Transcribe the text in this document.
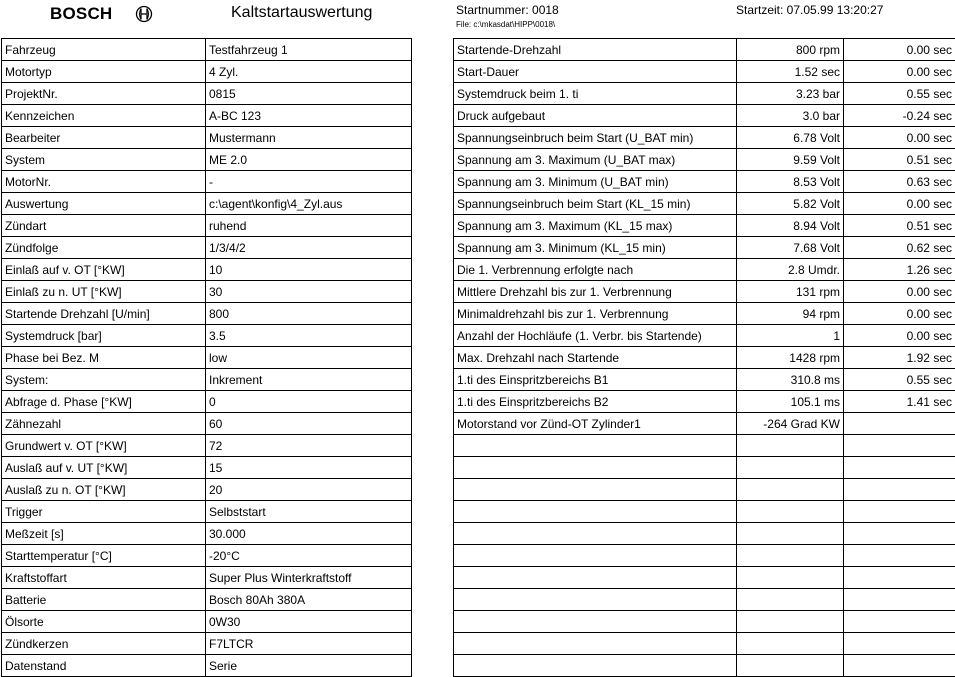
BOSCH	Kaltstartauswertung	Startnummer: 0018
File: c:\mkasdat\HIPP\0018\
Startzeit: 07.05.99 13:20:27
Fahrzeug	Testfahrzeug 1
Motortyp	4 Zyl.
ProjektNr.	0815
Kennzeichen	A-BC 123
Bearbeiter	Mustermann
System	ME 2.0
MotorNr.	-
Auswertung	c:\agent\konfig\4_Zyl.aus
Zündart	ruhend
Zündfolge	1/3/4/2
Einlaß auf v. OT [°KW]	10
Einlaß zu n. UT [°KW]	30
Startende Drehzahl [U/min]	800
Systemdruck [bar]	3.5
Phase bei Bez. M	low
System:	Inkrement
Abfrage d. Phase [°KW]	0
Zähnezahl	60
Grundwert v. OT [°KW]	72
Auslaß auf v. UT [°KW]	15
Auslaß zu n. OT [°KW]	20
Trigger	Selbststart
Meßzeit [s]	30.000
Starttemperatur [°C]	-20°C
Kraftstoffart	Super Plus Winterkraftstoff
Batterie	Bosch 80Ah 380A
Ölsorte	0W30
Zündkerzen	F7LTCR
Datenstand	Serie
Startende-Drehzahl	800 rpm	0.00 sec
Start-Dauer	1.52 sec	0.00 sec
Systemdruck beim 1. ti	3.23 bar	0.55 sec
Druck aufgebaut	3.0 bar	-0.24 sec
Spannungseinbruch beim Start (U_BAT min)	6.78 Volt	0.00 sec
Spannung am 3. Maximum (U_BAT max)	9.59 Volt	0.51 sec
Spannung am 3. Minimum (U_BAT min)	8.53 Volt	0.63 sec
Spannungseinbruch beim Start (KL_15 min)	5.82 Volt	0.00 sec
Spannung am 3. Maximum (KL_15 max)	8.94 Volt	0.51 sec
Spannung am 3. Minimum (KL_15 min)	7.68 Volt	0.62 sec
Die 1. Verbrennung erfolgte nach	2.8 Umdr.	1.26 sec
Mittlere Drehzahl bis zur 1. Verbrennung	131 rpm	0.00 sec
Minimaldrehzahl bis zur 1. Verbrennung	94 rpm	0.00 sec
Anzahl der Hochläufe (1. Verbr. bis Startende)	1	0.00 sec
Max. Drehzahl nach Startende	1428 rpm	1.92 sec
1.ti des Einspritzbereichs B1	310.8 ms	0.55 sec
1.ti des Einspritzbereichs B2	105.1 ms	1.41 sec
Motorstand vor Zünd-OT Zylinder1	-264 Grad KW	
